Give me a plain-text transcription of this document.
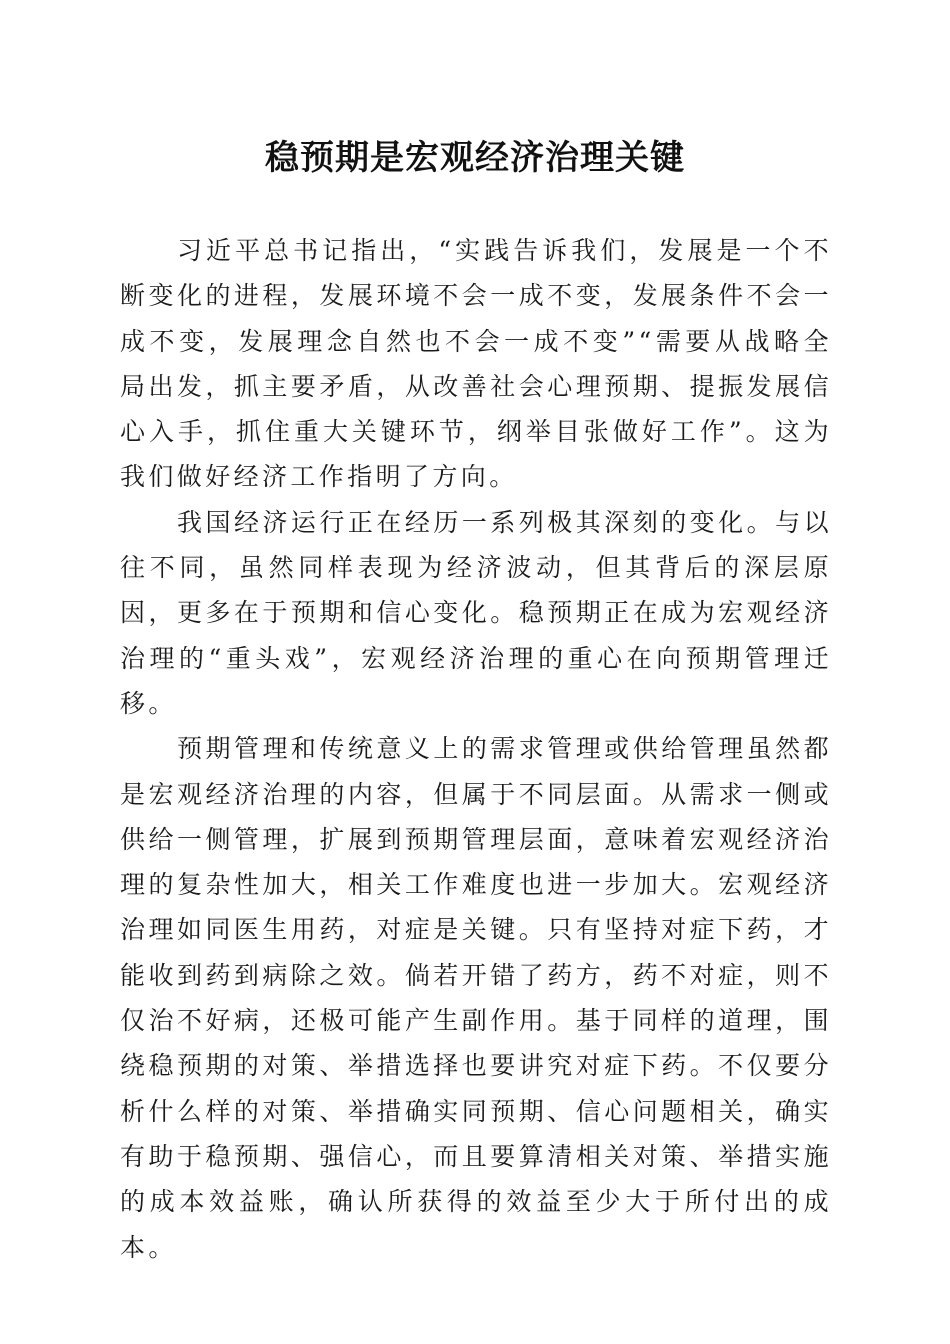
稳预期是宏观经济治理关键

习近平总书记指出，“实践告诉我们，发展是一个不断变化的进程，发展环境不会一成不变，发展条件不会一成不变，发展理念自然也不会一成不变”“需要从战略全局出发，抓主要矛盾，从改善社会心理预期、提振发展信心入手，抓住重大关键环节，纲举目张做好工作”。这为我们做好经济工作指明了方向。

我国经济运行正在经历一系列极其深刻的变化。与以往不同，虽然同样表现为经济波动，但其背后的深层原因，更多在于预期和信心变化。稳预期正在成为宏观经济治理的“重头戏”，宏观经济治理的重心在向预期管理迁移。

预期管理和传统意义上的需求管理或供给管理虽然都是宏观经济治理的内容，但属于不同层面。从需求一侧或供给一侧管理，扩展到预期管理层面，意味着宏观经济治理的复杂性加大，相关工作难度也进一步加大。宏观经济治理如同医生用药，对症是关键。只有坚持对症下药，才能收到药到病除之效。倘若开错了药方，药不对症，则不仅治不好病，还极可能产生副作用。基于同样的道理，围绕稳预期的对策、举措选择也要讲究对症下药。不仅要分析什么样的对策、举措确实同预期、信心问题相关，确实有助于稳预期、强信心，而且要算清相关对策、举措实施的成本效益账，确认所获得的效益至少大于所付出的成本。
